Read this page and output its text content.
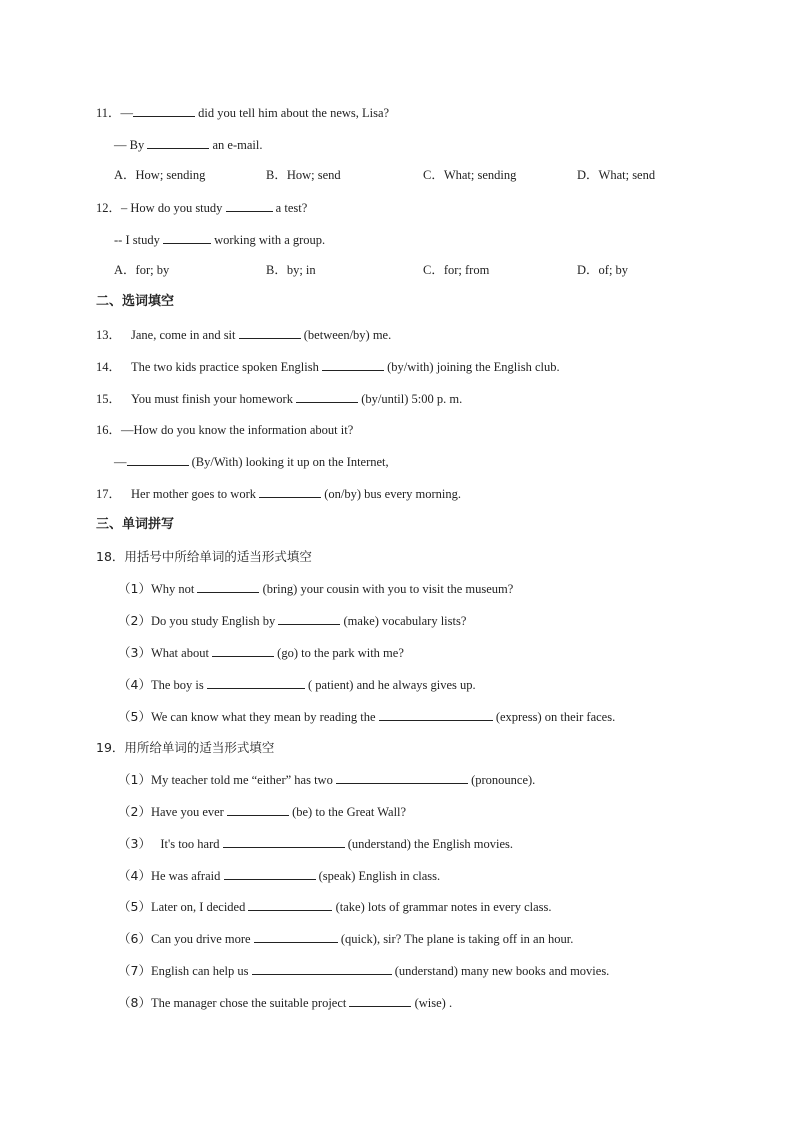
11．—	did you tell him about the news, Lisa?
— By	an e-mail.
A．How; sending	B．How; send	C．What; sending	D．What; send
12．– How do you study	a test?
-- I study	working with a group.
A．for; by	B．by; in	C．for; from	D．of; by
二、选词填空
13． Jane, come in and sit	(between/by) me.
14． The two kids practice spoken English	(by/with) joining the English club.
15． You must finish your homework	(by/until) 5:00 p. m.
16．—How do you know the information about it?
—	(By/With) looking it up on the Internet,
17． Her mother goes to work	(on/by) bus every morning.
三、单词拼写
18．用括号中所给单词的适当形式填空
（1）Why not	(bring) your cousin with you to visit the museum?
（2）Do you study English by	(make) vocabulary lists?
（3）What about	(go) to the park with me?
（4）The boy is	( patient) and he always gives up.
（5）We can know what they mean by reading the	(express) on their faces.
19．用所给单词的适当形式填空
（1）My teacher told me “either” has two	(pronounce).
（2）Have you ever	(be) to the Great Wall?
（3）   It's too hard	(understand) the English movies.
（4）He was afraid	(speak) English in class.
（5）Later on, I decided	(take) lots of grammar notes in every class.
（6）Can you drive more	(quick), sir? The plane is taking off in an hour.
（7）English can help us	(understand) many new books and movies.
（8）The manager chose the suitable project	(wise) .
